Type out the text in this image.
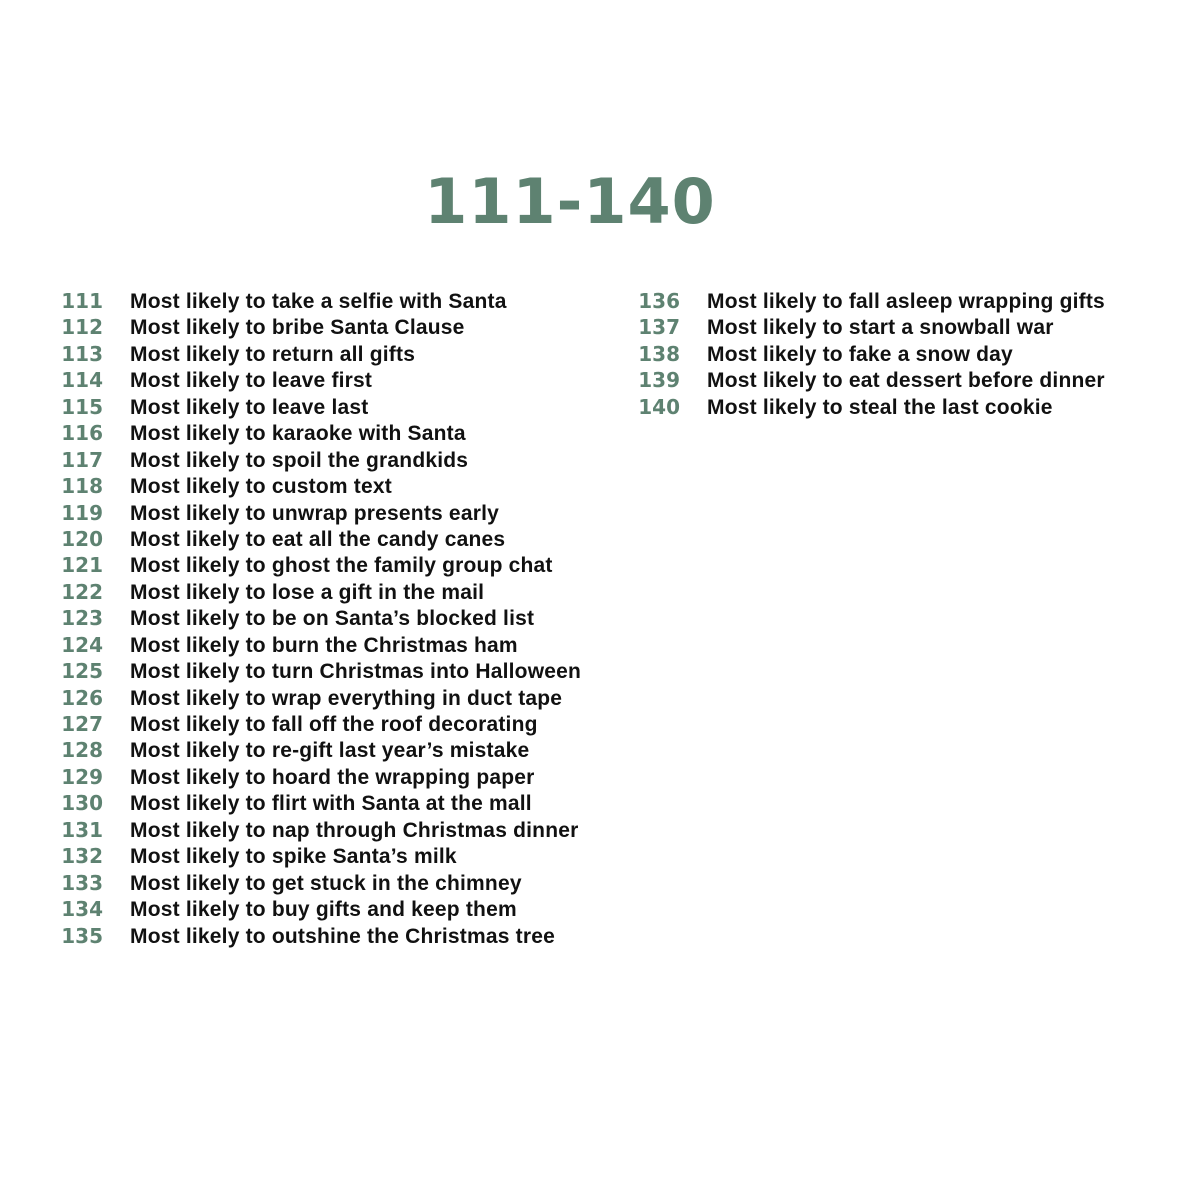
111-140
111 Most likely to take a selfie with Santa
112 Most likely to bribe Santa Clause
113 Most likely to return all gifts
114 Most likely to leave first
115 Most likely to leave last
116 Most likely to karaoke with Santa
117 Most likely to spoil the grandkids
118 Most likely to custom text
119 Most likely to unwrap presents early
120 Most likely to eat all the candy canes
121 Most likely to ghost the family group chat
122 Most likely to lose a gift in the mail
123 Most likely to be on Santa’s blocked list
124 Most likely to burn the Christmas ham
125 Most likely to turn Christmas into Halloween
126 Most likely to wrap everything in duct tape
127 Most likely to fall off the roof decorating
128 Most likely to re-gift last year’s mistake
129 Most likely to hoard the wrapping paper
130 Most likely to flirt with Santa at the mall
131 Most likely to nap through Christmas dinner
132 Most likely to spike Santa’s milk
133 Most likely to get stuck in the chimney
134 Most likely to buy gifts and keep them
135 Most likely to outshine the Christmas tree
136 Most likely to fall asleep wrapping gifts
137 Most likely to start a snowball war
138 Most likely to fake a snow day
139 Most likely to eat dessert before dinner
140 Most likely to steal the last cookie
